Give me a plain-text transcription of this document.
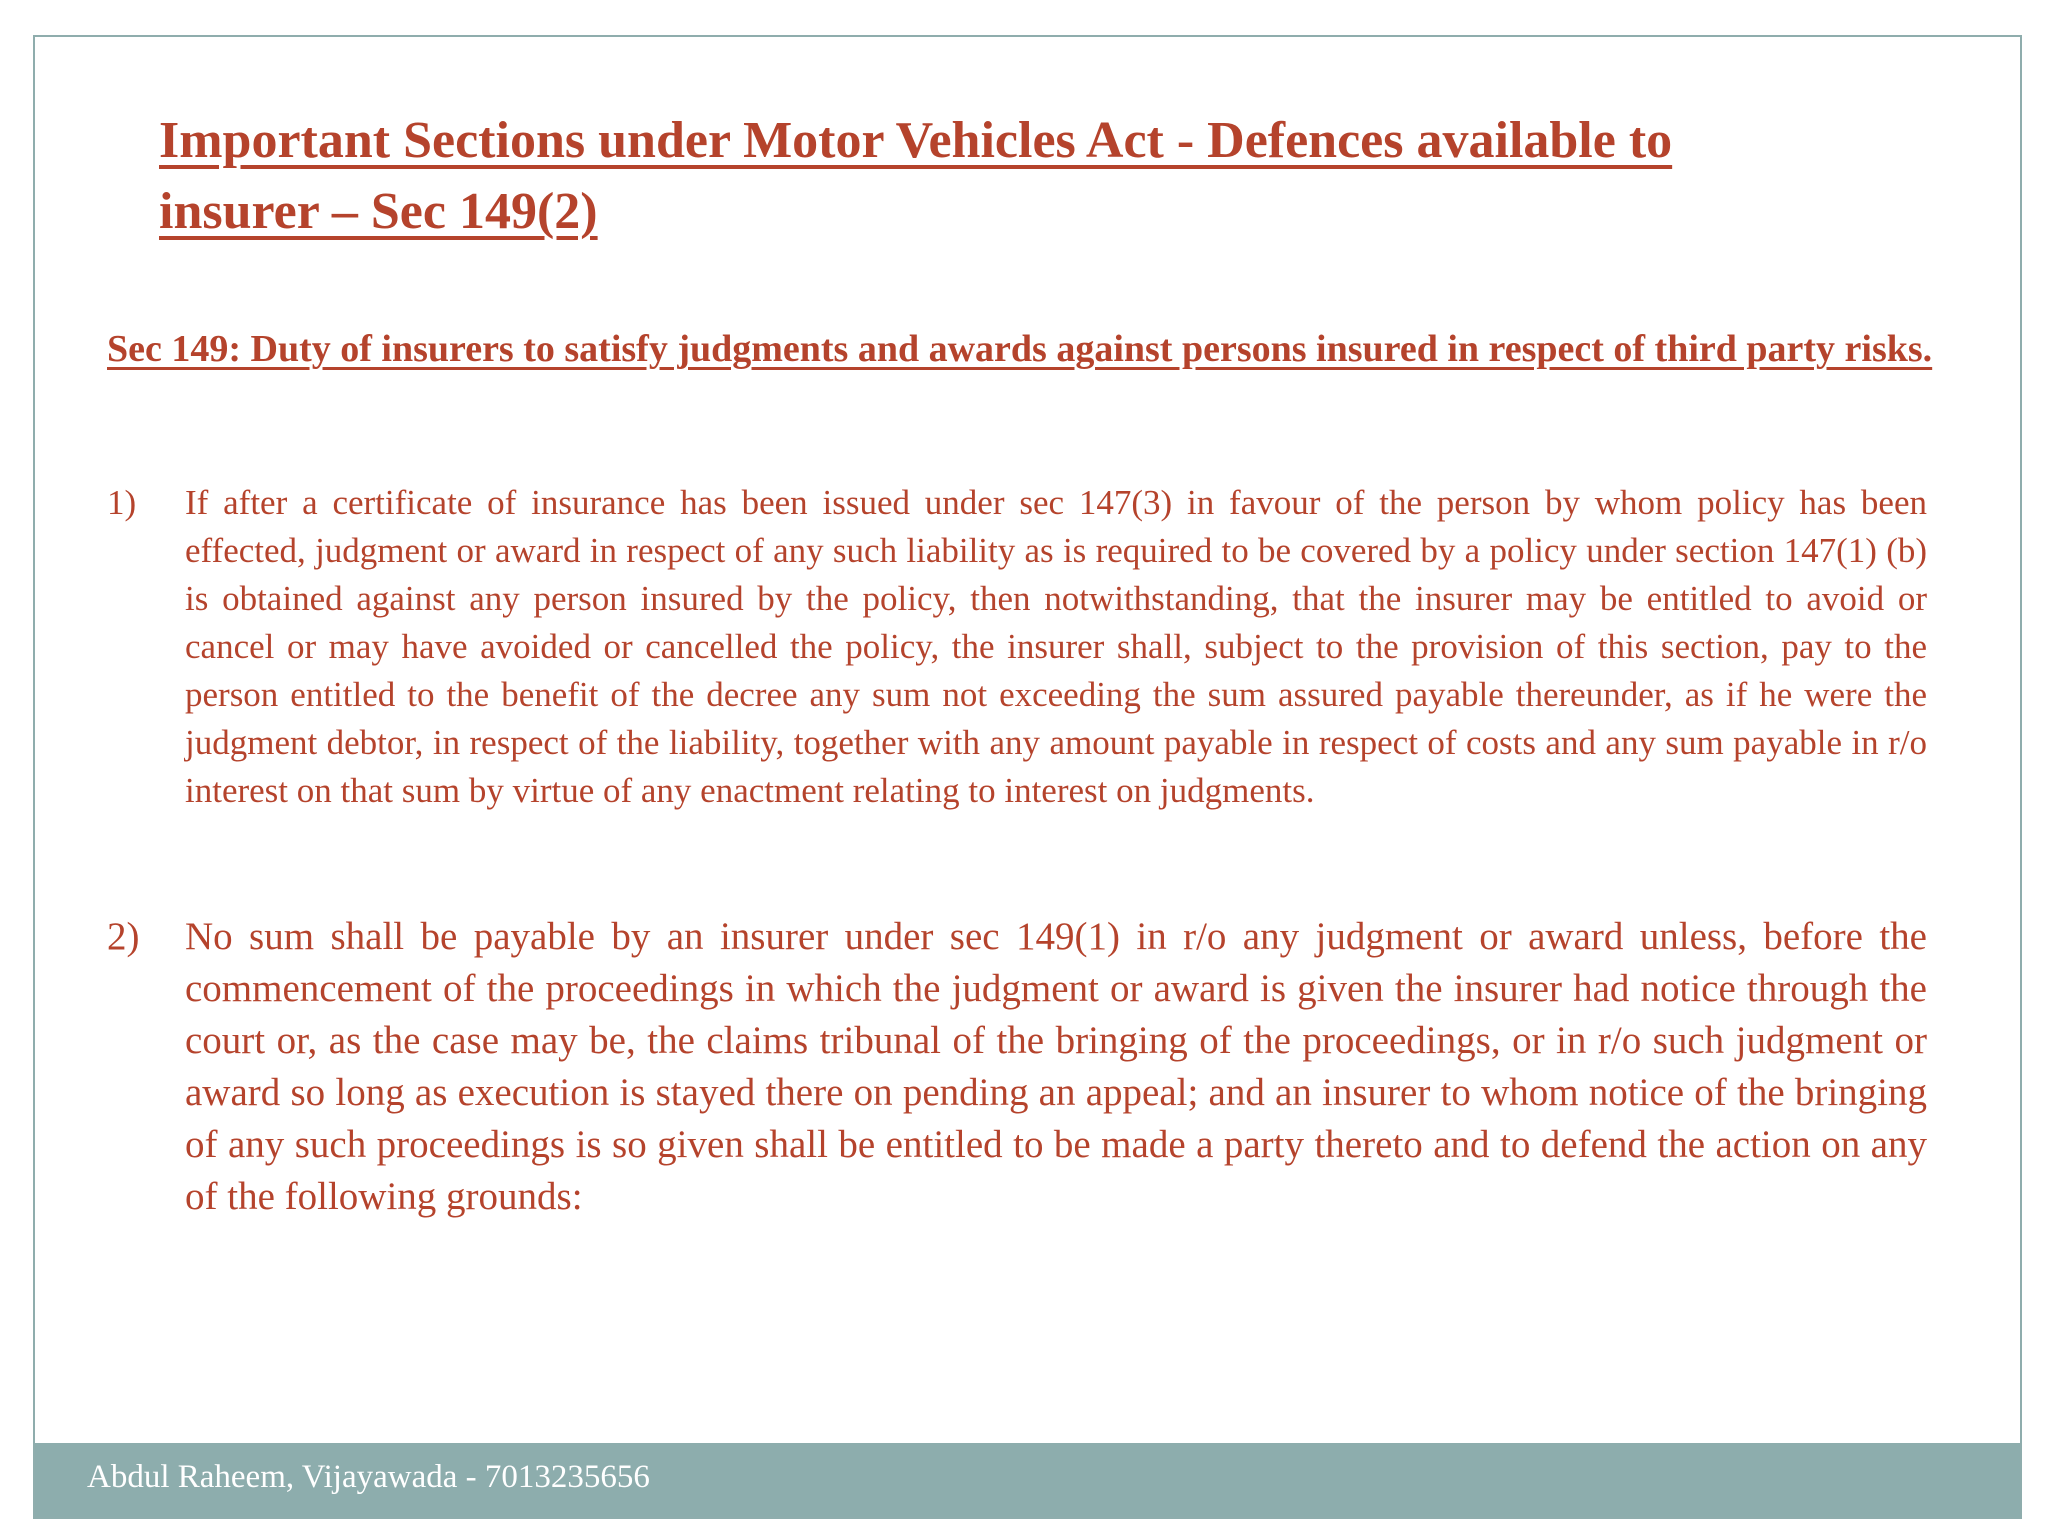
Important Sections under Motor Vehicles Act - Defences available to insurer – Sec 149(2)
Sec 149: Duty of insurers to satisfy judgments and awards against persons insured in respect of third party risks.
1)	If after a certificate of insurance has been issued under sec 147(3) in favour of the person by whom policy has been effected, judgment or award in respect of any such liability as is required to be covered by a policy under section 147(1) (b) is obtained against any person insured by the policy, then notwithstanding, that the insurer may be entitled to avoid or cancel or may have avoided or cancelled the policy, the insurer shall, subject to the provision of this section, pay to the person entitled to the benefit of the decree any sum not exceeding the sum assured payable thereunder, as if he were the judgment debtor, in respect of the liability, together with any amount payable in respect of costs and any sum payable in r/o interest on that sum by virtue of any enactment relating to interest on judgments.
2)	No sum shall be payable by an insurer under sec 149(1) in r/o any judgment or award unless, before the commencement of the proceedings in which the judgment or award is given the insurer had notice through the court or, as the case may be, the claims tribunal of the bringing of the proceedings, or in r/o such judgment or award so long as execution is stayed there on pending an appeal; and an insurer to whom notice of the bringing of any such proceedings is so given shall be entitled to be made a party thereto and to defend the action on any of the following grounds:
Abdul Raheem, Vijayawada - 7013235656
